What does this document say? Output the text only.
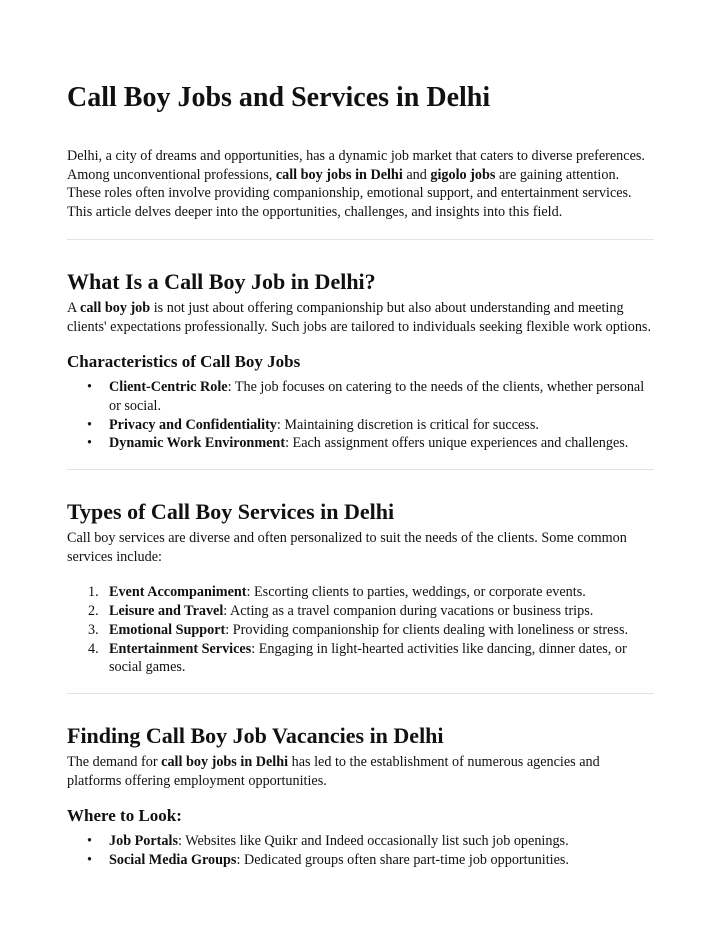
Call Boy Jobs and Services in Delhi

Delhi, a city of dreams and opportunities, has a dynamic job market that caters to diverse preferences. Among unconventional professions, call boy jobs in Delhi and gigolo jobs are gaining attention. These roles often involve providing companionship, emotional support, and entertainment services. This article delves deeper into the opportunities, challenges, and insights into this field.

What Is a Call Boy Job in Delhi?

A call boy job is not just about offering companionship but also about understanding and meeting clients' expectations professionally. Such jobs are tailored to individuals seeking flexible work options.

Characteristics of Call Boy Jobs
•	Client-Centric Role: The job focuses on catering to the needs of the clients, whether personal or social.
•	Privacy and Confidentiality: Maintaining discretion is critical for success.
•	Dynamic Work Environment: Each assignment offers unique experiences and challenges.
Types of Call Boy Services in Delhi

Call boy services are diverse and often personalized to suit the needs of the clients. Some common services include:

1. Event Accompaniment: Escorting clients to parties, weddings, or corporate events.
2. Leisure and Travel: Acting as a travel companion during vacations or business trips.
3. Emotional Support: Providing companionship for clients dealing with loneliness or stress.
4. Entertainment Services: Engaging in light-hearted activities like dancing, dinner dates, or social games.
Finding Call Boy Job Vacancies in Delhi

The demand for call boy jobs in Delhi has led to the establishment of numerous agencies and platforms offering employment opportunities.

Where to Look:
•	Job Portals: Websites like Quikr and Indeed occasionally list such job openings.
•	Social Media Groups: Dedicated groups often share part-time job opportunities.
